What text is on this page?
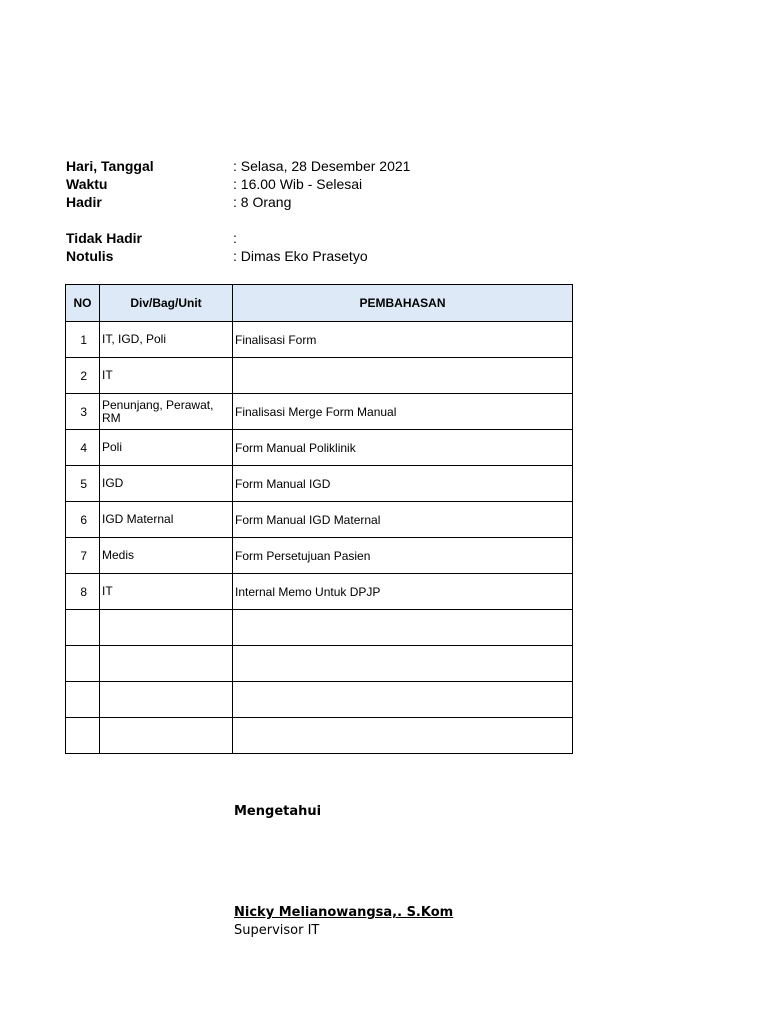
Hari, Tanggal	: Selasa, 28 Desember 2021
Waktu	: 16.00 Wib - Selesai
Hadir	: 8 Orang
Tidak Hadir	:
Notulis	: Dimas Eko Prasetyo
NO	Div/Bag/Unit	PEMBAHASAN
1	IT, IGD, Poli	Finalisasi Form
2	IT	
3	Penunjang, Perawat, RM	Finalisasi Merge Form Manual
4	Poli	Form Manual Poliklinik
5	IGD	Form Manual IGD
6	IGD Maternal	Form Manual IGD Maternal
7	Medis	Form Persetujuan Pasien
8	IT	Internal Memo Untuk DPJP

Mengetahui
Nicky Melianowangsa,. S.Kom
Supervisor IT
